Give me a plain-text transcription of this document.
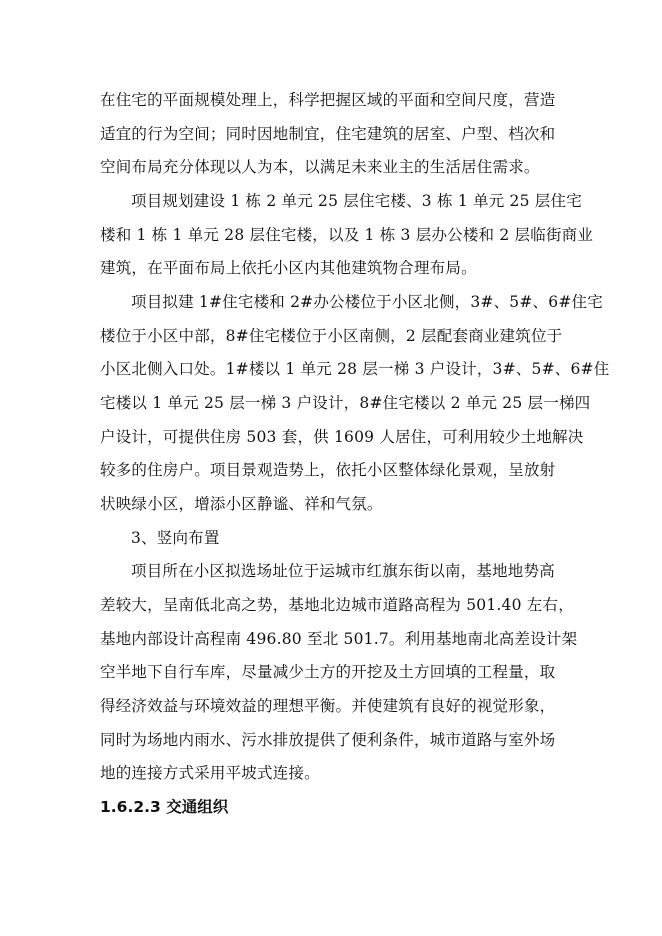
在住宅的平面规模处理上，科学把握区域的平面和空间尺度，营造
适宜的行为空间；同时因地制宜，住宅建筑的居室、户型、档次和
空间布局充分体现以人为本，以满足未来业主的生活居住需求。
项目规划建设 1 栋 2 单元 25 层住宅楼、3 栋 1 单元 25 层住宅
楼和 1 栋 1 单元 28 层住宅楼，以及 1 栋 3 层办公楼和 2 层临街商业
建筑，在平面布局上依托小区内其他建筑物合理布局。
项目拟建 1#住宅楼和 2#办公楼位于小区北侧，3#、5#、6#住宅
楼位于小区中部，8#住宅楼位于小区南侧，2 层配套商业建筑位于
小区北侧入口处。1#楼以 1 单元 28 层一梯 3 户设计，3#、5#、6#住
宅楼以 1 单元 25 层一梯 3 户设计，8#住宅楼以 2 单元 25 层一梯四
户设计，可提供住房 503 套，供 1609 人居住，可利用较少土地解决
较多的住房户。项目景观造势上，依托小区整体绿化景观，呈放射
状映绿小区，增添小区静谧、祥和气氛。
3、竖向布置
项目所在小区拟选场址位于运城市红旗东街以南，基地地势高
差较大，呈南低北高之势，基地北边城市道路高程为 501.40 左右，
基地内部设计高程南 496.80 至北 501.7。利用基地南北高差设计架
空半地下自行车库，尽量减少土方的开挖及土方回填的工程量，取
得经济效益与环境效益的理想平衡。并使建筑有良好的视觉形象，
同时为场地内雨水、污水排放提供了便利条件，城市道路与室外场
地的连接方式采用平坡式连接。
1.6.2.3 交通组织
